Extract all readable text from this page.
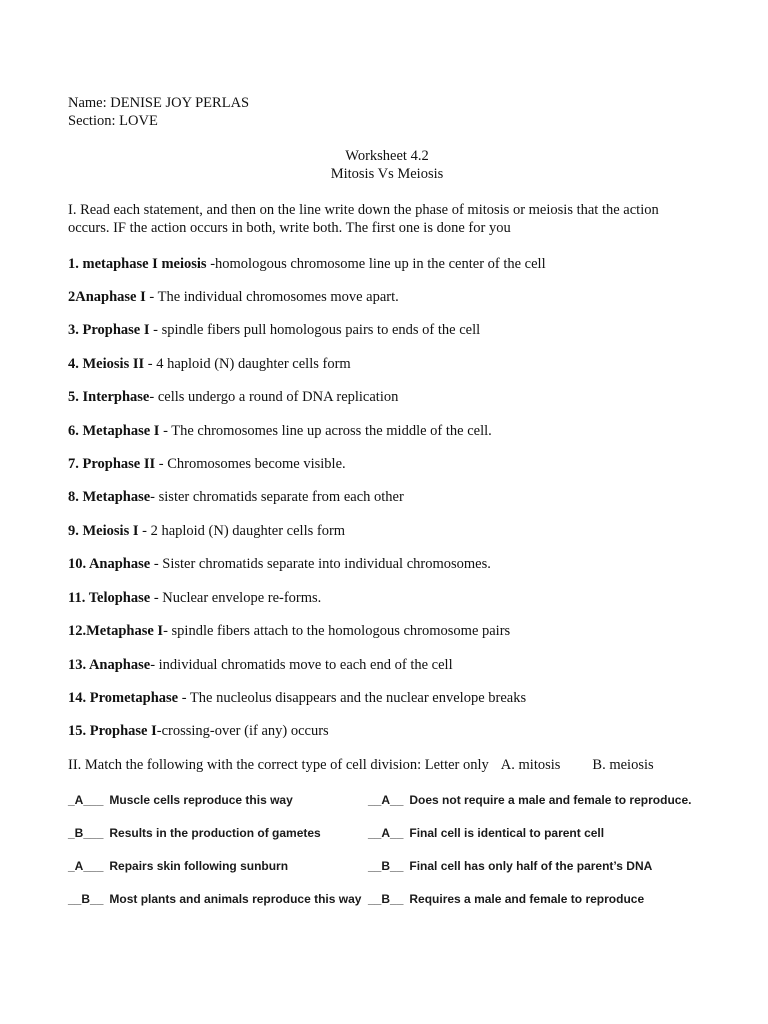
Name: DENISE JOY PERLAS
Section: LOVE
Worksheet 4.2
Mitosis Vs Meiosis
I. Read each statement, and then on the line write down the phase of mitosis or meiosis that the action
occurs. IF the action occurs in both, write both. The first one is done for you
1. metaphase I meiosis -homologous chromosome line up in the center of the cell
2Anaphase I - The individual chromosomes move apart.
3. Prophase I - spindle fibers pull homologous pairs to ends of the cell
4. Meiosis II - 4 haploid (N) daughter cells form
5. Interphase- cells undergo a round of DNA replication
6. Metaphase I - The chromosomes line up across the middle of the cell.
7. Prophase II - Chromosomes become visible.
8. Metaphase- sister chromatids separate from each other
9. Meiosis I - 2 haploid (N) daughter cells form
10. Anaphase - Sister chromatids separate into individual chromosomes.
11. Telophase - Nuclear envelope re-forms.
12.Metaphase I- spindle fibers attach to the homologous chromosome pairs
13. Anaphase- individual chromatids move to each end of the cell
14. Prometaphase - The nucleolus disappears and the nuclear envelope breaks
15. Prophase I-crossing-over (if any) occurs
II. Match the following with the correct type of cell division: Letter only A. mitosis B. meiosis
_A___ Muscle cells reproduce this way
_B___ Results in the production of gametes
_A___ Repairs skin following sunburn
__B__ Most plants and animals reproduce this way
__A__ Does not require a male and female to reproduce.
__A__ Final cell is identical to parent cell
__B__ Final cell has only half of the parent’s DNA
__B__ Requires a male and female to reproduce
